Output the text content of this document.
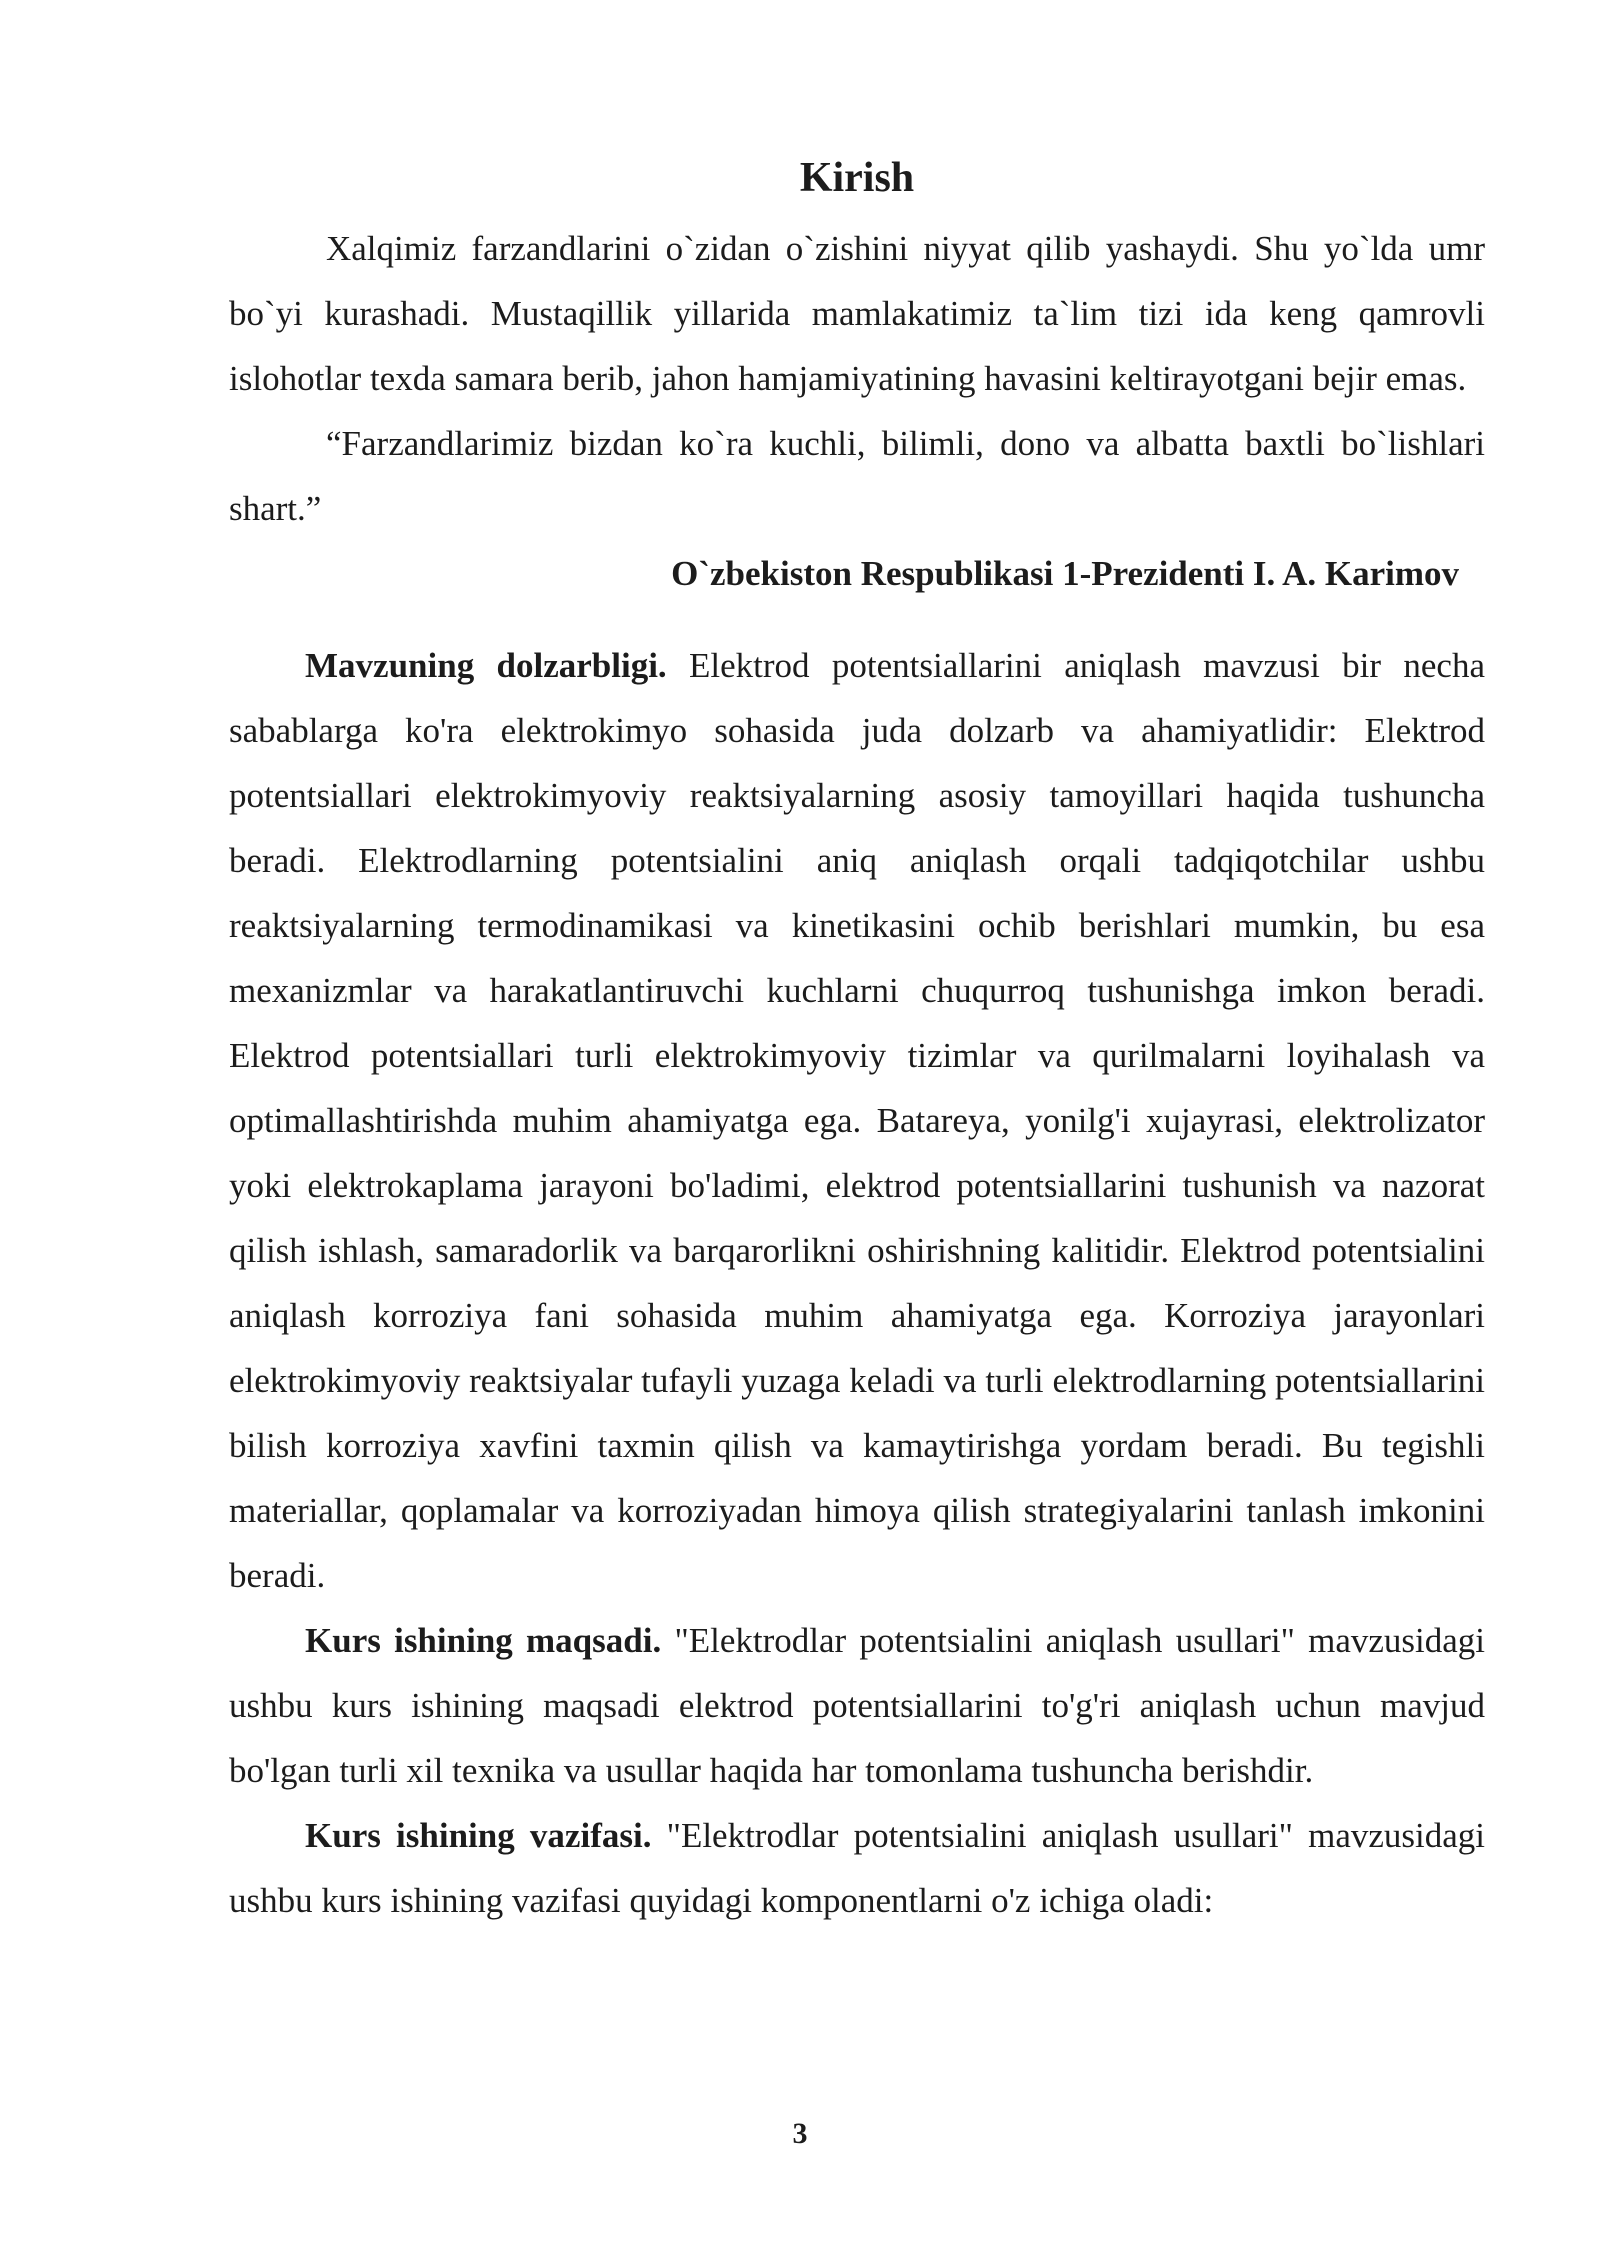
Kirish

Xalqimiz farzandlarini o`zidan o`zishini niyyat qilib yashaydi. Shu yo`lda umr bo`yi kurashadi. Mustaqillik yillarida mamlakatimiz ta`lim tizi ida keng qamrovli islohotlar texda samara berib, jahon hamjamiyatining havasini keltirayotgani bejir emas.

“Farzandlarimiz bizdan ko`ra kuchli, bilimli, dono va albatta baxtli bo`lishlari shart.”

O`zbekiston Respublikasi 1-Prezidenti I. A. Karimov

Mavzuning dolzarbligi. Elektrod potentsiallarini aniqlash mavzusi bir necha sabablarga ko'ra elektrokimyo sohasida juda dolzarb va ahamiyatlidir: Elektrod potentsiallari elektrokimyoviy reaktsiyalarning asosiy tamoyillari haqida tushuncha beradi. Elektrodlarning potentsialini aniq aniqlash orqali tadqiqotchilar ushbu reaktsiyalarning termodinamikasi va kinetikasini ochib berishlari mumkin, bu esa mexanizmlar va harakatlantiruvchi kuchlarni chuqurroq tushunishga imkon beradi. Elektrod potentsiallari turli elektrokimyoviy tizimlar va qurilmalarni loyihalash va optimallashtirishda muhim ahamiyatga ega. Batareya, yonilg'i xujayrasi, elektrolizator yoki elektrokaplama jarayoni bo'ladimi, elektrod potentsiallarini tushunish va nazorat qilish ishlash, samaradorlik va barqarorlikni oshirishning kalitidir. Elektrod potentsialini aniqlash korroziya fani sohasida muhim ahamiyatga ega. Korroziya jarayonlari elektrokimyoviy reaktsiyalar tufayli yuzaga keladi va turli elektrodlarning potentsiallarini bilish korroziya xavfini taxmin qilish va kamaytirishga yordam beradi. Bu tegishli materiallar, qoplamalar va korroziyadan himoya qilish strategiyalarini tanlash imkonini beradi.

Kurs ishining maqsadi. "Elektrodlar potentsialini aniqlash usullari" mavzusidagi ushbu kurs ishining maqsadi elektrod potentsiallarini to'g'ri aniqlash uchun mavjud bo'lgan turli xil texnika va usullar haqida har tomonlama tushuncha berishdir.

Kurs ishining vazifasi. "Elektrodlar potentsialini aniqlash usullari" mavzusidagi ushbu kurs ishining vazifasi quyidagi komponentlarni o'z ichiga oladi:

3
